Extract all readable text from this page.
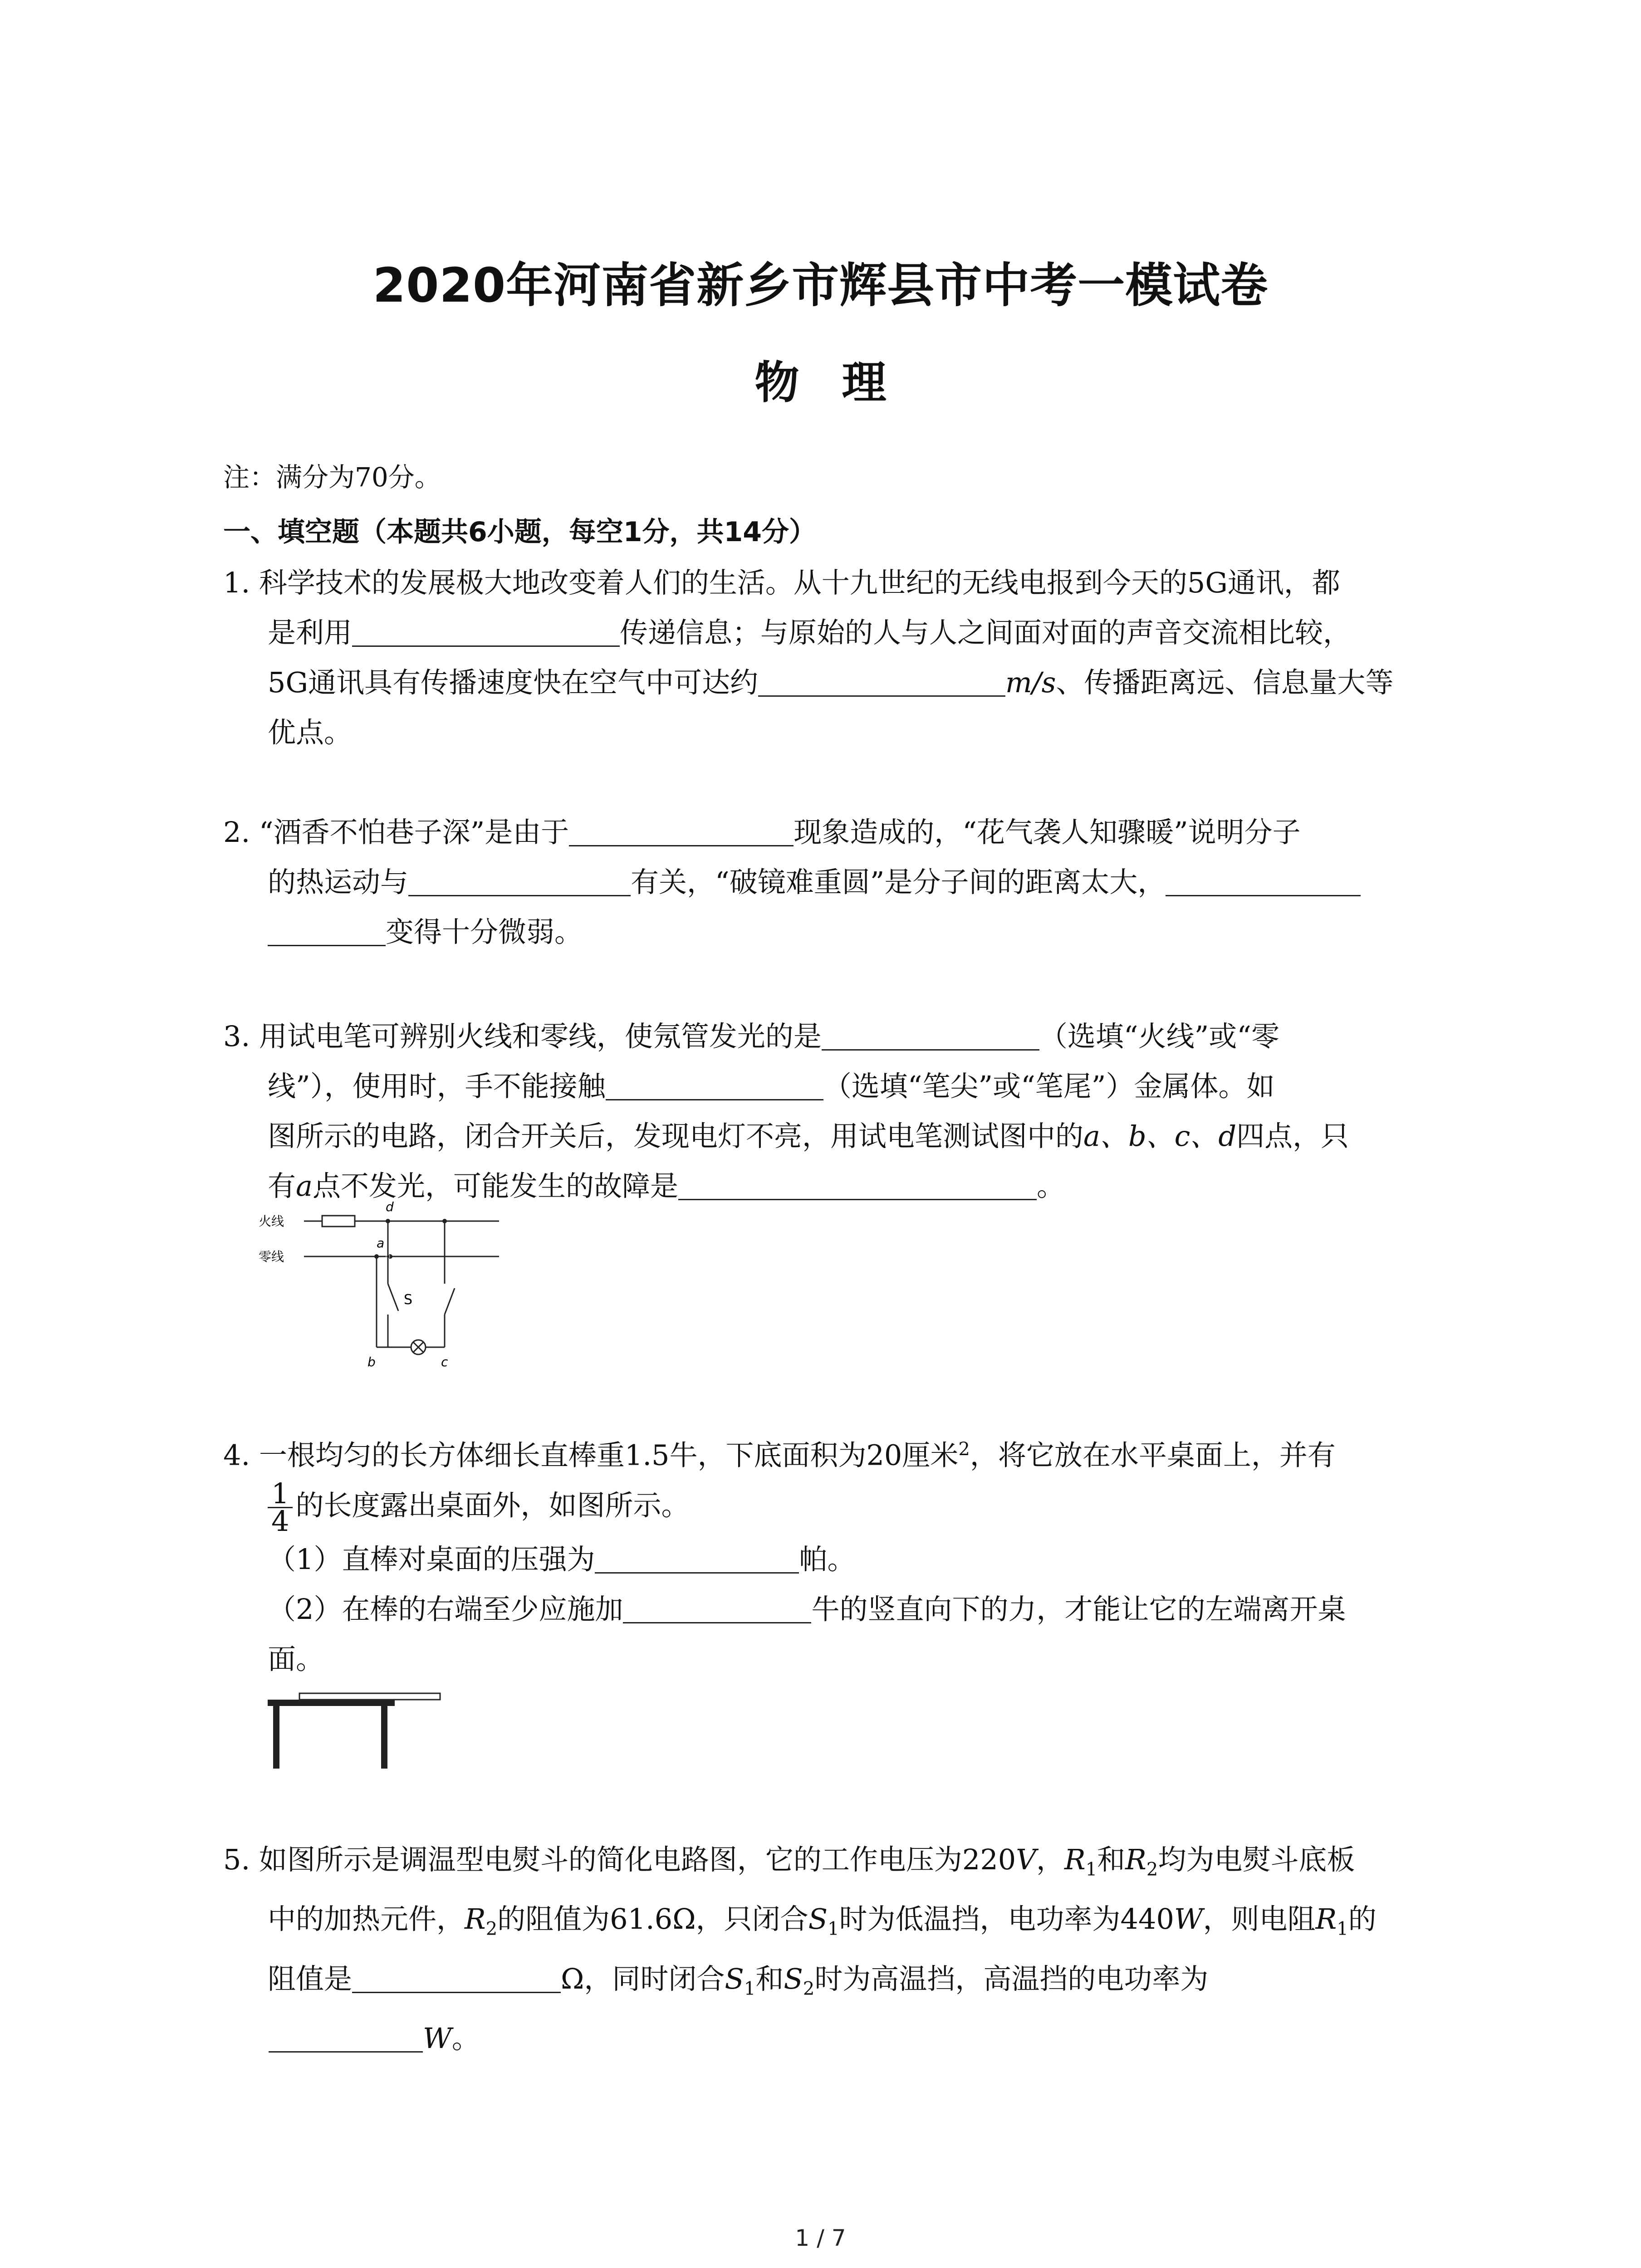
2020年河南省新乡市辉县市中考一模试卷
物 理
注：满分为70分。
一、填空题（本题共6小题，每空1分，共14分）
1. 科学技术的发展极大地改变着人们的生活。从十九世纪的无线电报到今天的5G通讯，都
是利用	传递信息；与原始的人与人之间面对面的声音交流相比较，
5G通讯具有传播速度快在空气中可达约	m/s、传播距离远、信息量大等
优点。
2. “酒香不怕巷子深”是由于	现象造成的，“花气袭人知骤暖”说明分子
的热运动与	有关，“破镜难重圆”是分子间的距离太大，
变得十分微弱。
3. 用试电笔可辨别火线和零线，使氖管发光的是	（选填“火线”或“零
线”），使用时，手不能接触	（选填“笔尖”或“笔尾”）金属体。如
图所示的电路，闭合开关后，发现电灯不亮，用试电笔测试图中的a、b、c、d四点，只
有a点不发光，可能发生的故障是	。
火线
零线
d
a
S
b	c
4. 一根均匀的长方体细长直棒重1.5牛，下底面积为20厘米$^2$，将它放在水平桌面上，并有
$\frac{1}{4}$ 的长度露出桌面外，如图所示。
（1）直棒对桌面的压强为	帕。
（2）在棒的右端至少应施加	牛的竖直向下的力，才能让它的左端离开桌
面。
5. 如图所示是调温型电熨斗的简化电路图，它的工作电压为220V，$R_1$和$R_2$均为电熨斗底板
中的加热元件，$R_2$的阻值为61.6Ω，只闭合$S_1$时为低温挡，电功率为440W，则电阻$R_1$的
阻值是	Ω，同时闭合$S_1$和$S_2$时为高温挡，高温挡的电功率为
W。
1 / 7
